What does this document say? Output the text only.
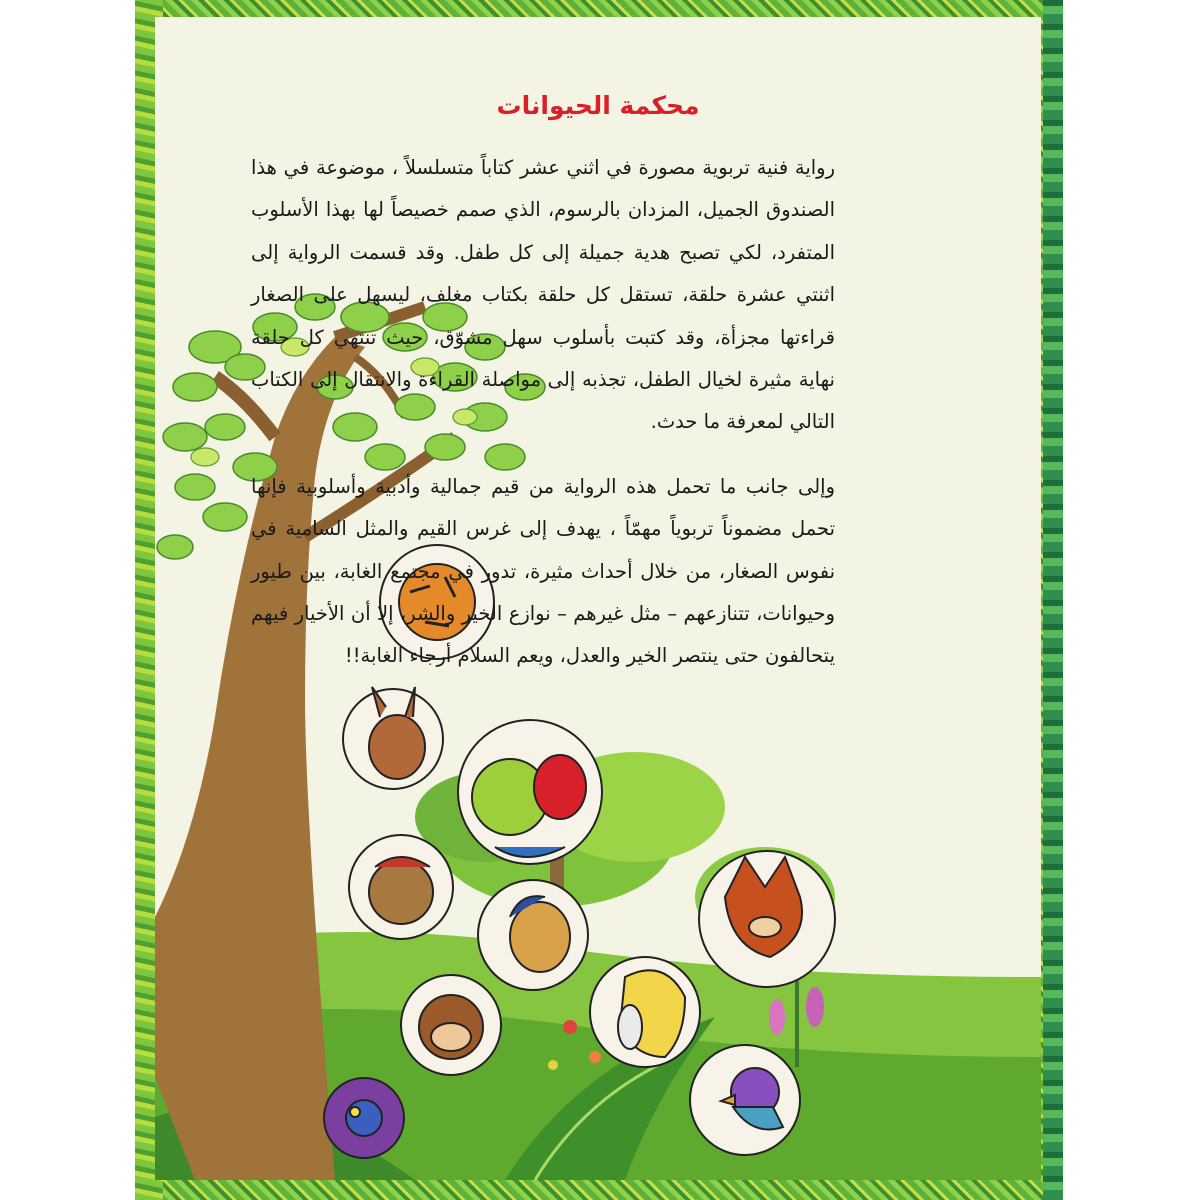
محكمة الحيوانات

رواية فنية تربوية مصورة في اثني عشر كتاباً متسلسلاً ، موضوعة في هذا الصندوق الجميل، المزدان بالرسوم، الذي صمم خصيصاً لها بهذا الأسلوب المتفرد، لكي تصبح هدية جميلة إلى كل طفل. وقد قسمت الرواية إلى اثنتي عشرة حلقة، تستقل كل حلقة بكتاب مغلف، ليسهل على الصغار قراءتها مجزأة، وقد كتبت بأسلوب سهل مشوّق، حيث تنتهي كل حلقة نهاية مثيرة لخيال الطفل، تجذبه إلى مواصلة القراءة والانتقال إلى الكتاب التالي لمعرفة ما حدث.

وإلى جانب ما تحمل هذه الرواية من قيم جمالية وأدبية وأسلوبية فإنها تحمل مضموناً تربوياً مهمّاً ، يهدف إلى غرس القيم والمثل السامية في نفوس الصغار، من خلال أحداث مثيرة، تدور في مجتمع الغابة، بين طيور وحيوانات، تتنازعهم – مثل غيرهم – نوازع الخير والشر، إلا أن الأخيار فيهم يتحالفون حتى ينتصر الخير والعدل، ويعم السلام أرجاء الغابة!!
